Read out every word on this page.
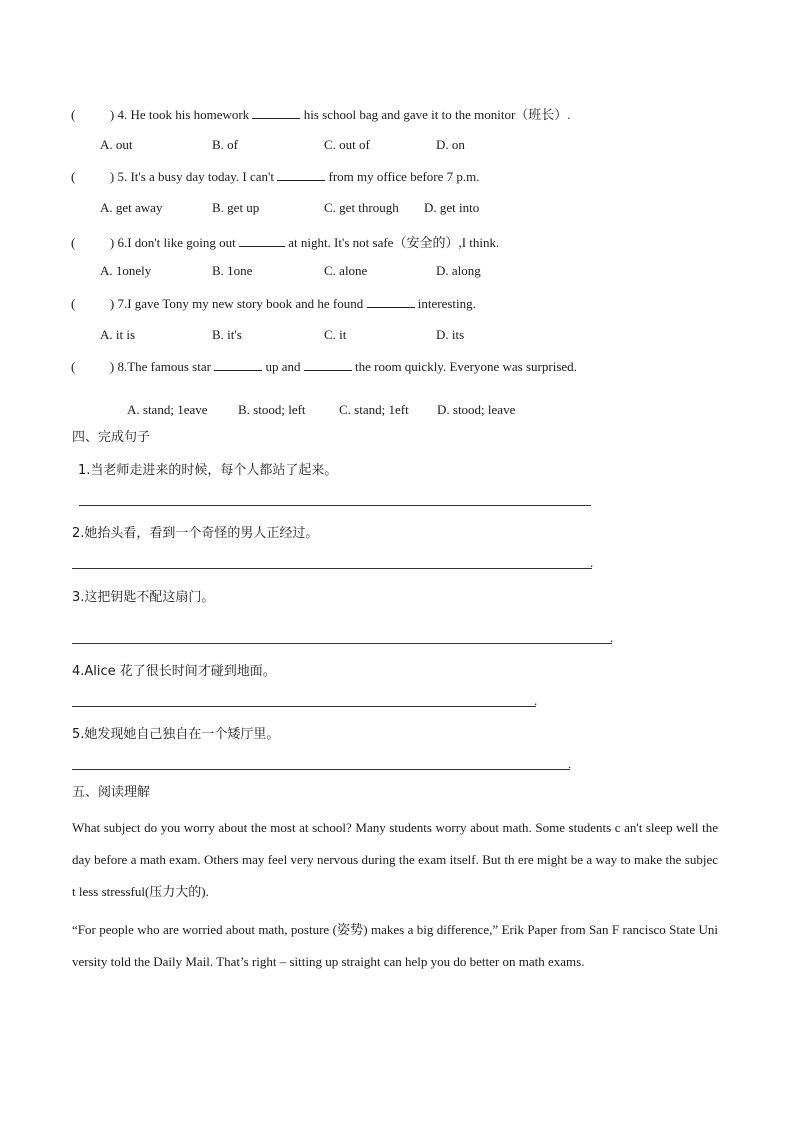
(	) 4. He took his homework	his school bag and gave it to the monitor（班长）.
A. out	B. of	C. out of	D. on
(	) 5. It's a busy day today. I can't	from my office before 7 p.m.
A. get away	B. get up	C. get through D. get into
(	) 6.I don't like going out	at night. It's not safe（安全的）,I think.
A. 1onely	B. 1one	C. alone	D. along
(	) 7.I gave Tony my new story book and he found	interesting.
A. it is	B. it's	C. it	D. its
(	) 8.The famous star	up and	the room quickly. Everyone was surprised.
A. stand; 1eave B. stood; left	C. stand; 1eft D. stood; leave
四、完成句子
1.当老师走进来的时候，每个人都站了起来。
2.她抬头看，看到一个奇怪的男人正经过。
.
3.这把钥匙不配这扇门。
.
4.Alice 花了很长时间才碰到地面。
.
5.她发现她自己独自在一个矮厅里。
.
五、阅读理解
What subject do you worry about the most at school? Many students worry about math. Some students c an't sleep well the day before a math exam. Others may feel very nervous during the exam itself. But th ere might be a way to make the subject less stressful(压力大的).
“For people who are worried about math, posture (姿势) makes a big difference,” Erik Paper from San F rancisco State University told the Daily Mail. That’s right – sitting up straight can help you do better on math exams.
